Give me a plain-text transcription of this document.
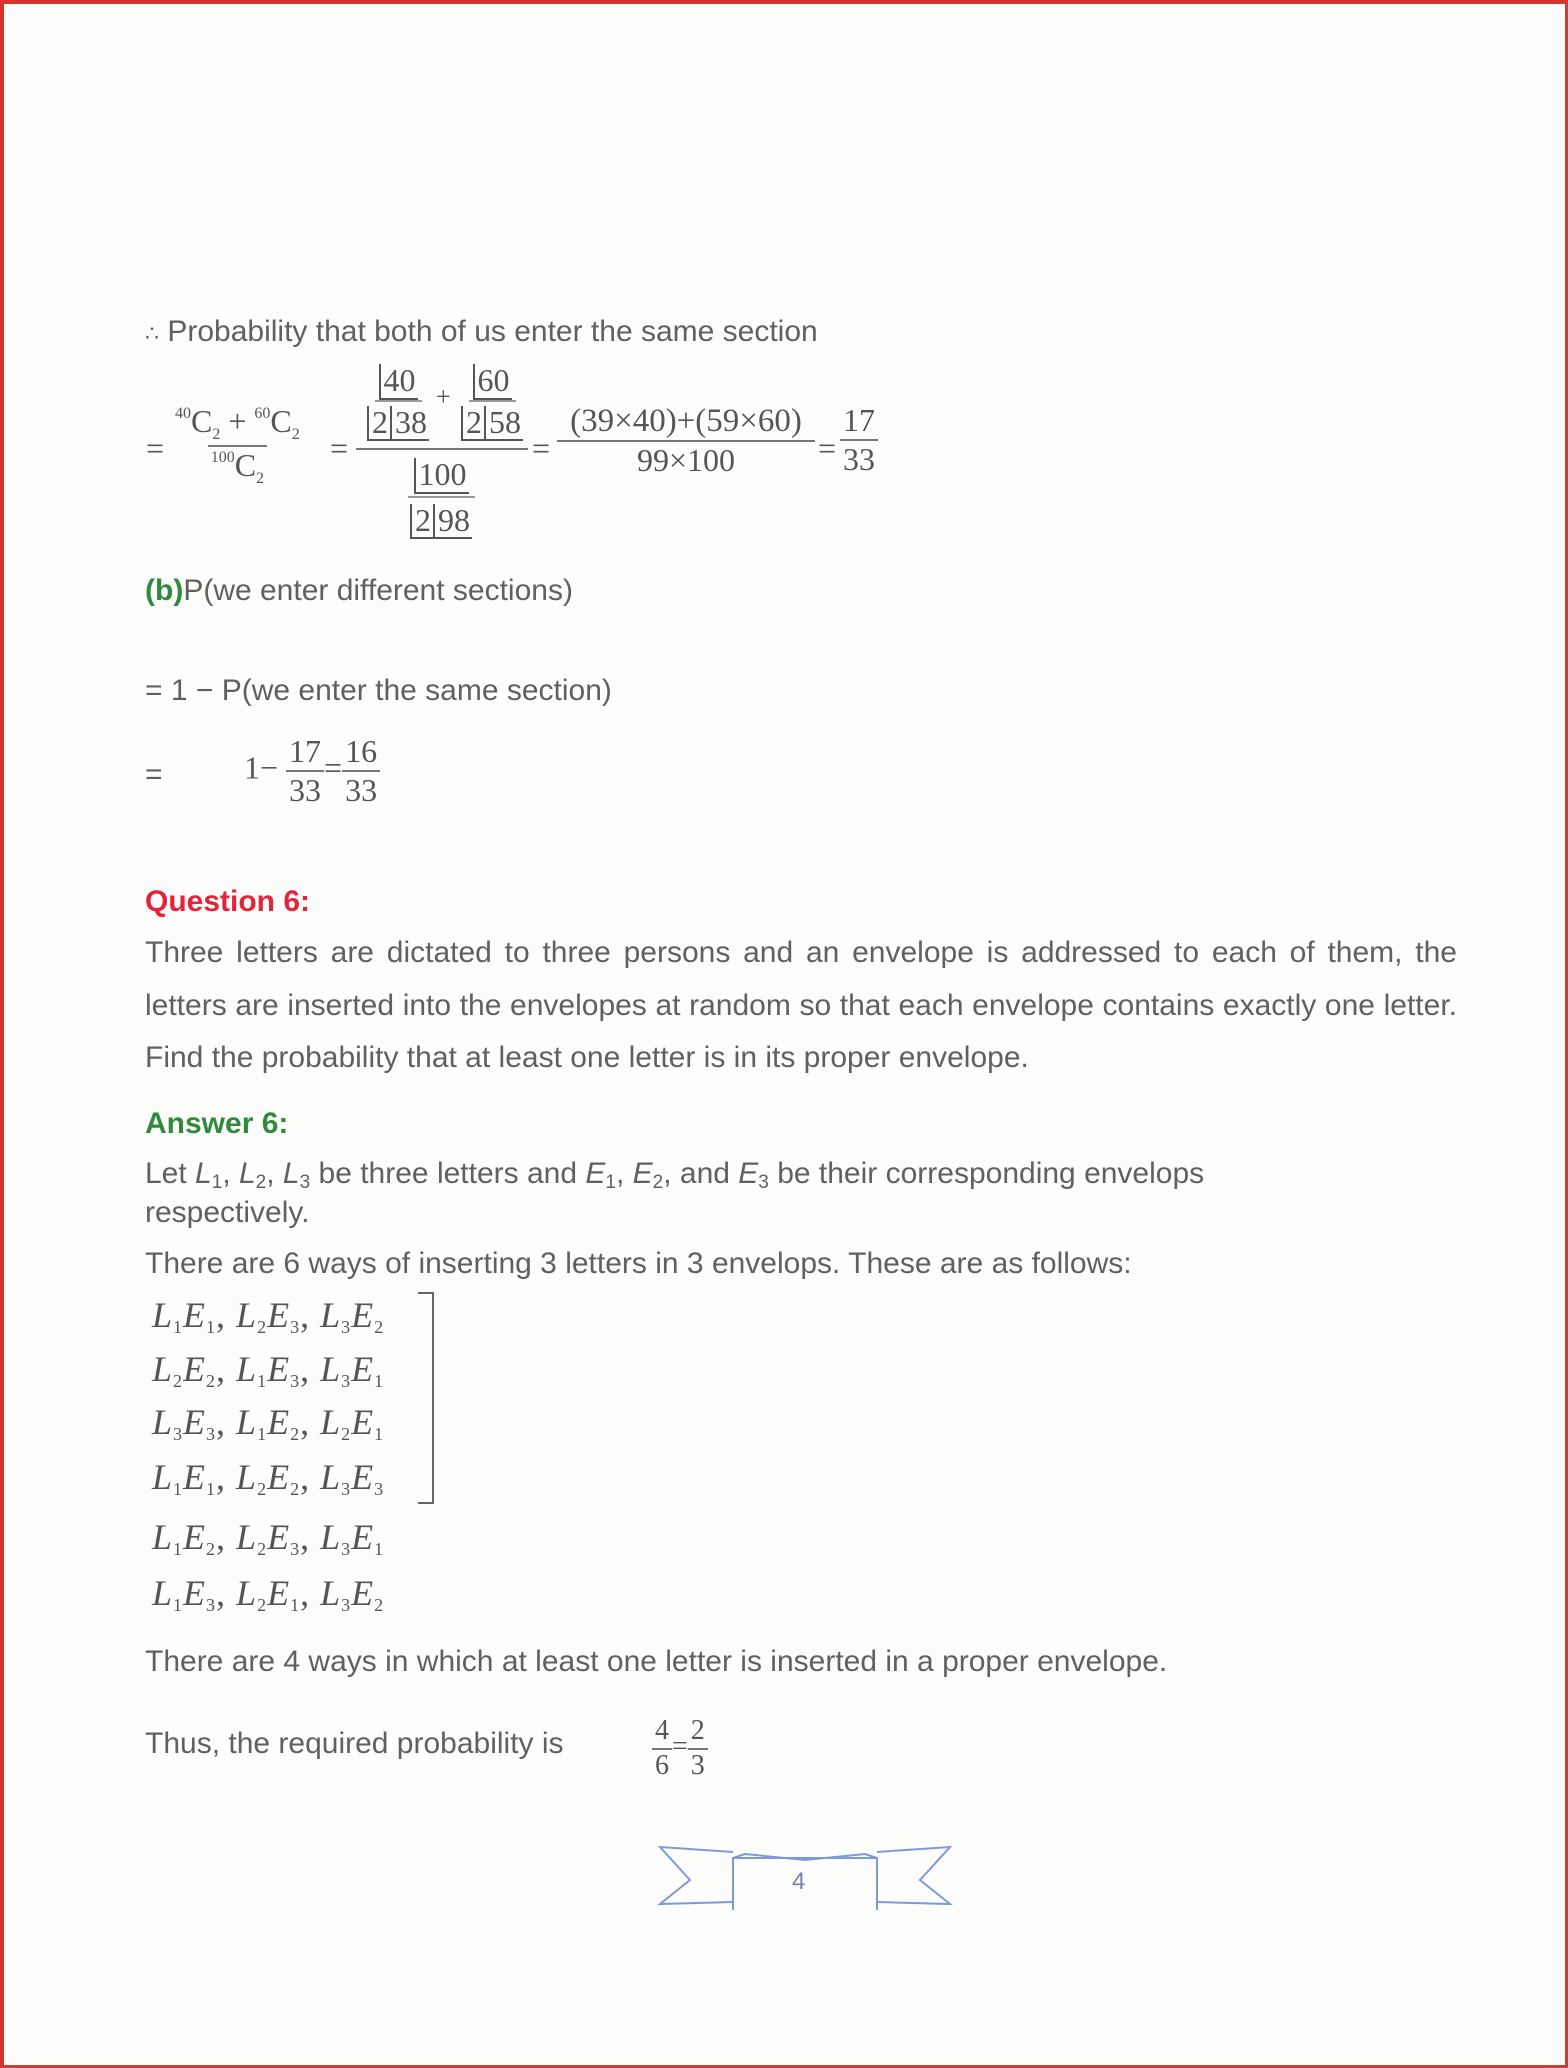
∴ Probability that both of us enter the same section
= $\frac{^{40}C_2 + ^{60}C_2}{^{100}C_2}$ =
40
2 38
+ 60
2 58
100
2 98
= $\frac{(39\times 40)+(59\times 60)}{99\times 100} = \frac{17}{33}$
(b)P(we enter different sections)
= 1 − P(we enter the same section)
=	$1- \frac{17}{33} = \frac{16}{33}$
Question 6:
Three letters are dictated to three persons and an envelope is addressed to each of them, the letters are inserted into the envelopes at random so that each envelope contains exactly one letter. Find the probability that at least one letter is in its proper envelope.
Answer 6:
Let L1, L2, L3 be three letters and E1, E2, and E3 be their corresponding envelops
respectively.
There are 6 ways of inserting 3 letters in 3 envelops. These are as follows:
$L_1E_1$, $L_2E_3$, $L_3E_2$
$L_2E_2$, $L_1E_3$, $L_3E_1$
$L_3E_3$, $L_1E_2$, $L_2E_1$
$L_1E_1$, $L_2E_2$, $L_3E_3$
$L_1E_2$, $L_2E_3$, $L_3E_1$
$L_1E_3$, $L_2E_1$, $L_3E_2$
There are 4 ways in which at least one letter is inserted in a proper envelope.
Thus, the required probability is	$\frac{4}{6} = \frac{2}{3}$
4
